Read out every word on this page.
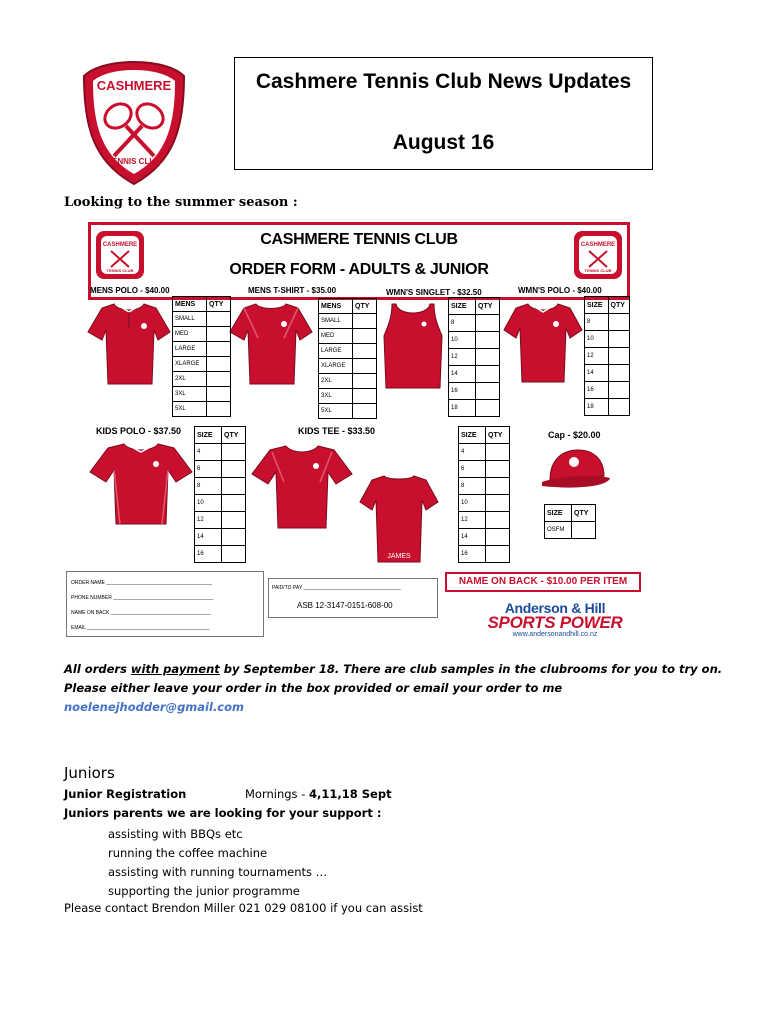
CASHMERE
TENNIS CLUB
Cashmere Tennis Club News Updates
August 16
Looking to the summer season :
CASHMERE
TENNIS CLUB
CASHMERE TENNIS CLUB
ORDER FORM - ADULTS & JUNIOR
CASHMERE
TENNIS CLUB
MENS POLO - $40.00	MENS T-SHIRT - $35.00	WMN'S SINGLET - $32.50	WMN'S POLO - $40.00
KIDS POLO - $37.50	KIDS TEE - $33.50	Cap - $20.00
JAMES
MENS	QTY
SMALL	
MED	
LARGE	
XLARGE	
2XL	
3XL	
5XL	
MENS	QTY
SMALL	
MED	
LARGE	
XLARGE	
2XL	
3XL	
5XL	
SIZE	QTY
8	
10	
12	
14	
16	
18	
SIZE	QTY
8	
10	
12	
14	
16	
18	
SIZE	QTY
4	
6	
8	
10	
12	
14	
16	
SIZE	QTY
4	
6	
8	
10	
12	
14	
16	
SIZE	QTY
OSFM	
ORDER NAME ______________________________________
PHONE NUMBER ____________________________________
NAME ON BACK ____________________________________
EMAIL ____________________________________________
PAID/TO PAY ___________________________________
ASB 12-3147-0151-608-00
NAME ON BACK - $10.00 PER ITEM
Anderson & Hill
SPORTS POWER
www.andersonandhill.co.nz
All orders with payment by September 18. There are club samples in the clubrooms for you to try on.
Please either leave your order in the box provided or email your order to me
noelenejhodder@gmail.com
Juniors
Junior Registration	Mornings - 4,11,18 Sept
Juniors parents we are looking for your support :
assisting with BBQs etc
running the coffee machine
assisting with running tournaments …
supporting the junior programme
Please contact Brendon Miller 021 029 08100 if you can assist
